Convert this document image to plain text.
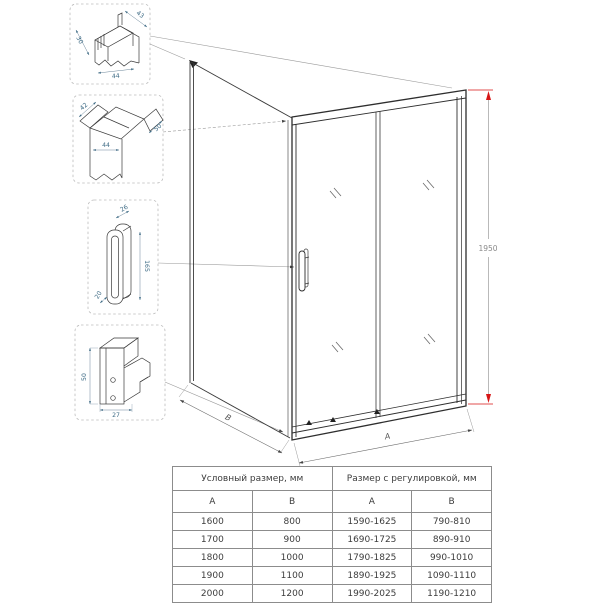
44
30
43
44
42
50
26
165
20
50
27
1950
A
B
Условный размер, мм		Размер с регулировкой, мм	
A	B	A	B
1600	800	1590-1625	790-810
1700	900	1690-1725	890-910
1800	1000	1790-1825	990-1010
1900	1100	1890-1925	1090-1110
2000	1200	1990-2025	1190-1210
